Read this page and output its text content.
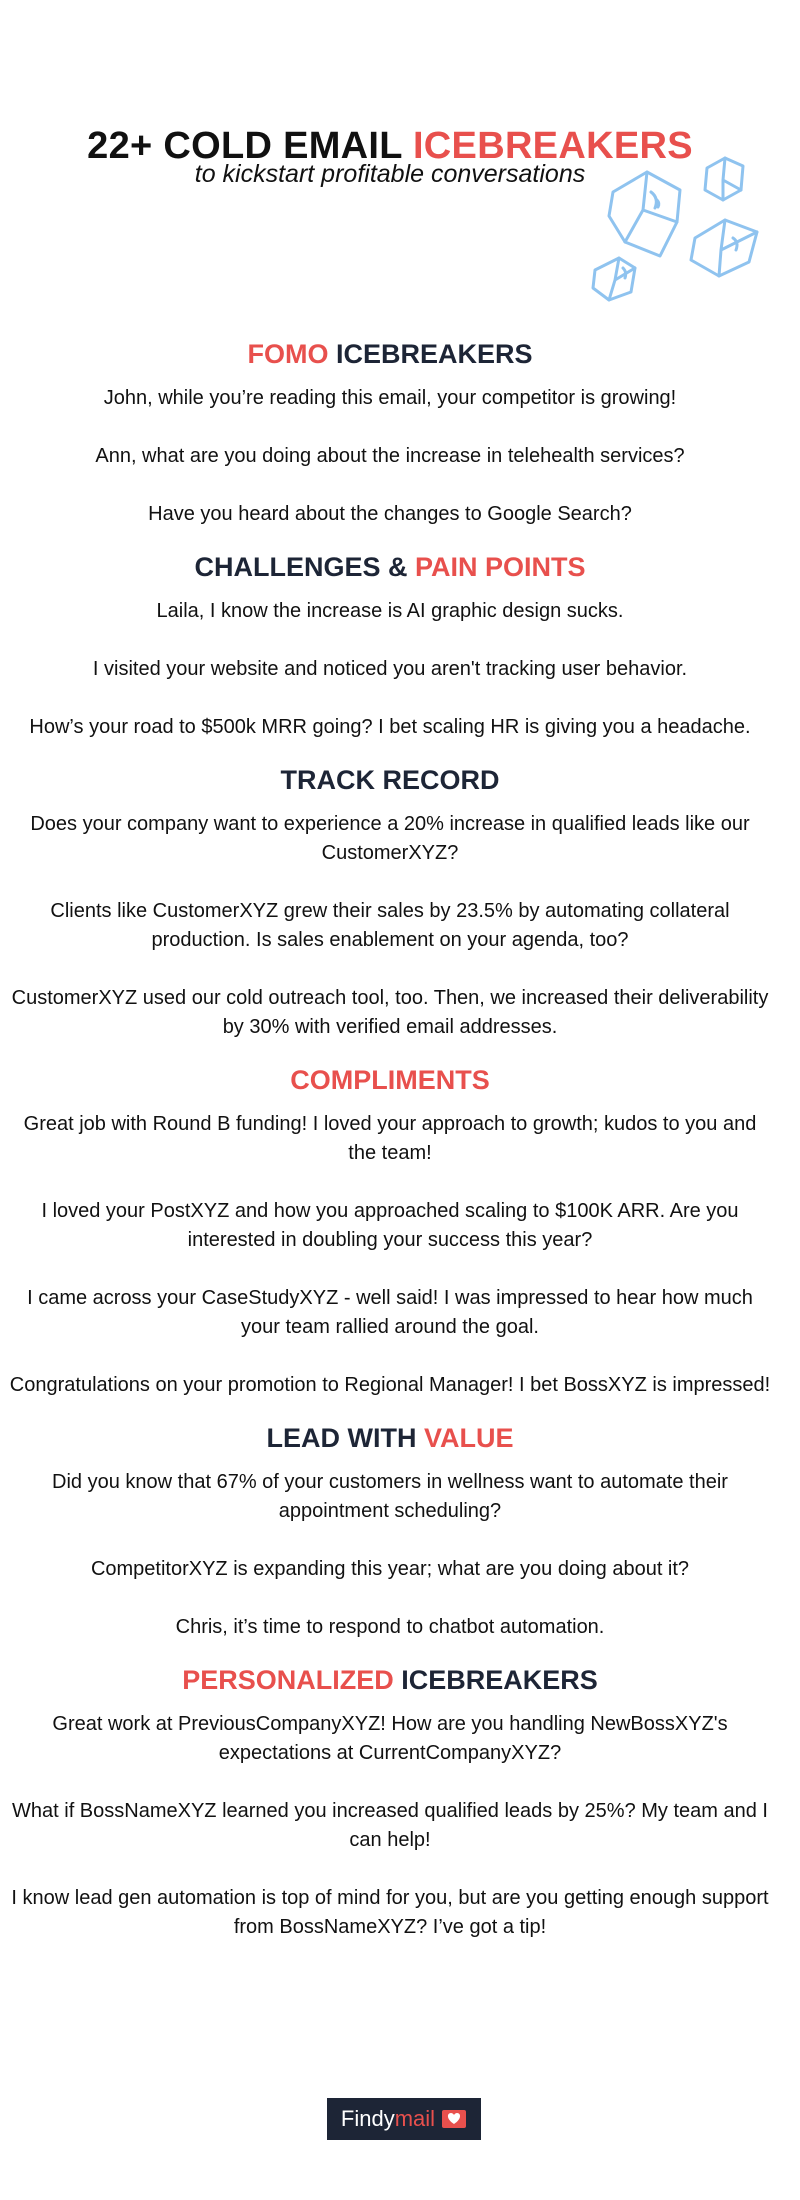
22+ COLD EMAIL ICEBREAKERS
to kickstart profitable conversations
FOMO ICEBREAKERS

John, while you’re reading this email, your competitor is growing!

Ann, what are you doing about the increase in telehealth services?

Have you heard about the changes to Google Search?

CHALLENGES & PAIN POINTS

Laila, I know the increase is AI graphic design sucks.

I visited your website and noticed you aren't tracking user behavior.

How’s your road to $500k MRR going? I bet scaling HR is giving you a headache.

TRACK RECORD

Does your company want to experience a 20% increase in qualified leads like our CustomerXYZ?

Clients like CustomerXYZ grew their sales by 23.5% by automating collateral production. Is sales enablement on your agenda, too?

CustomerXYZ used our cold outreach tool, too. Then, we increased their deliverability by 30% with verified email addresses.

COMPLIMENTS

Great job with Round B funding! I loved your approach to growth; kudos to you and the team!

I loved your PostXYZ and how you approached scaling to $100K ARR. Are you interested in doubling your success this year?

I came across your CaseStudyXYZ - well said! I was impressed to hear how much your team rallied around the goal.

Congratulations on your promotion to Regional Manager! I bet BossXYZ is impressed!

LEAD WITH VALUE

Did you know that 67% of your customers in wellness want to automate their appointment scheduling?

CompetitorXYZ is expanding this year; what are you doing about it?

Chris, it’s time to respond to chatbot automation.

PERSONALIZED ICEBREAKERS

Great work at PreviousCompanyXYZ! How are you handling NewBossXYZ's expectations at CurrentCompanyXYZ?

What if BossNameXYZ learned you increased qualified leads by 25%? My team and I can help!

I know lead gen automation is top of mind for you, but are you getting enough support from BossNameXYZ? I’ve got a tip!

Findy mail
